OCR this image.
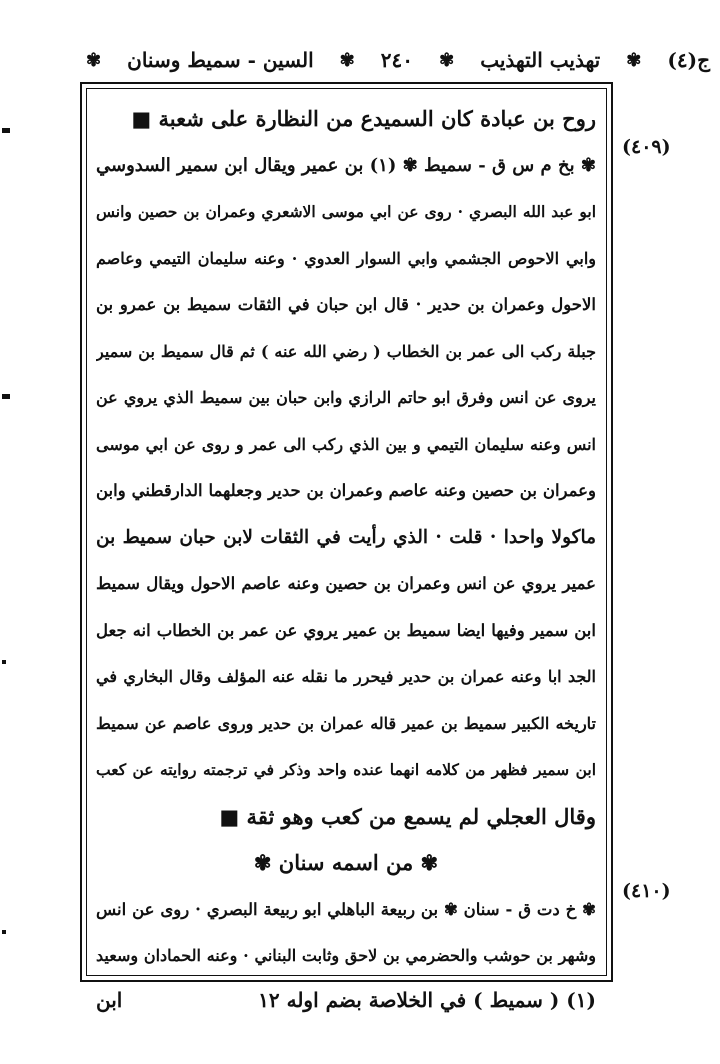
ج(٤)
✾
تهذيب التهذيب
✾
٢٤٠
✾
السين - سميط وسنان
✾
روح بن عبادة كان السميدع من النظارة على شعبة ■
✾ بخ م س ق - سميط ✾ (١) بن عمير ويقال ابن سمير السدوسي
ابو عبد الله البصري · روى عن ابي موسى الاشعري وعمران بن حصين وانس
وابي الاحوص الجشمي وابي السوار العدوي · وعنه سليمان التيمي وعاصم
الاحول وعمران بن حدير · قال ابن حبان في الثقات سميط بن عمرو بن
جبلة ركب الى عمر بن الخطاب ( رضي الله عنه ) ثم قال سميط بن سمير
يروى عن انس وفرق ابو حاتم الرازي وابن حبان بين سميط الذي يروي عن
انس وعنه سليمان التيمي و بين الذي ركب الى عمر و روى عن ابي موسى
وعمران بن حصين وعنه عاصم وعمران بن حدير وجعلهما الدارقطني وابن
ماكولا واحدا · قلت · الذي رأيت في الثقات لابن حبان سميط بن
عمير يروي عن انس وعمران بن حصين وعنه عاصم الاحول ويقال سميط
ابن سمير وفيها ايضا سميط بن عمير يروي عن عمر بن الخطاب انه جعل
الجد ابا وعنه عمران بن حدير فيحرر ما نقله عنه المؤلف وقال البخاري في
تاريخه الكبير سميط بن عمير قاله عمران بن حدير وروى عاصم عن سميط
ابن سمير فظهر من كلامه انهما عنده واحد وذكر في ترجمته روايته عن كعب
وقال العجلي لم يسمع من كعب وهو ثقة ■
✾ من اسمه سنان ✾
✾ خ دت ق - سنان ✾ بن ربيعة الباهلي ابو ربيعة البصري · روى عن انس
وشهر بن حوشب والحضرمي بن لاحق وثابت البناني · وعنه الحمادان وسعيد
(٤٠٩)
(٤١٠)
(١) ( سميط ) في الخلاصة بضم اوله ١٢
ابن
